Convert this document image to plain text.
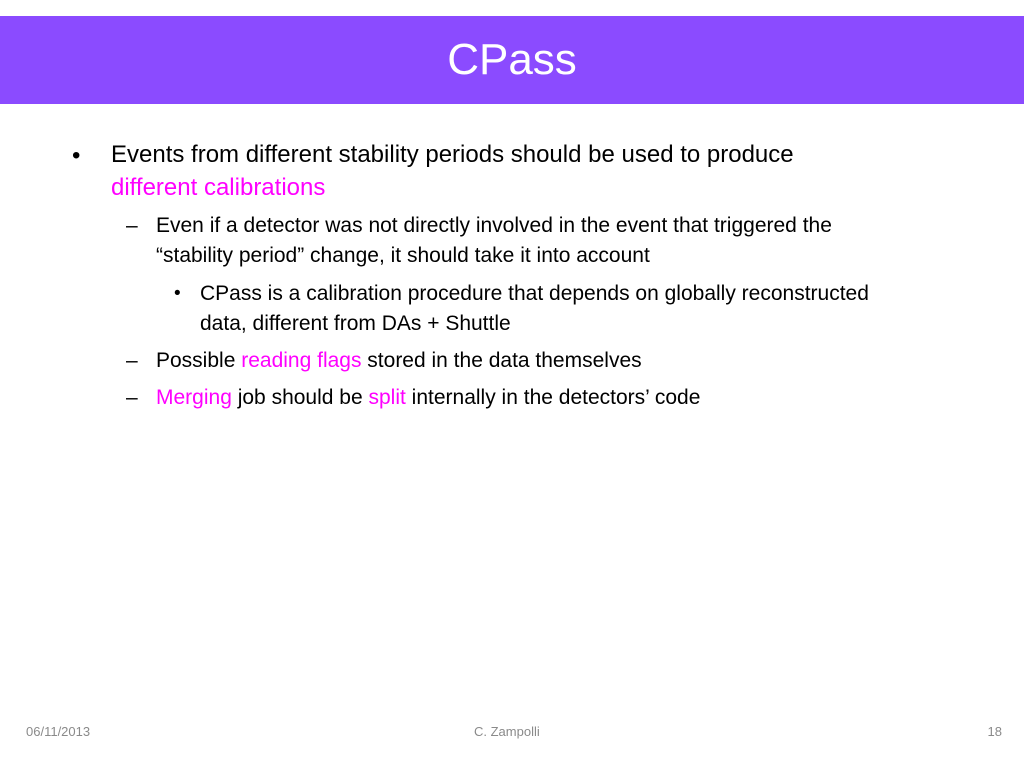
CPass
• Events from different stability periods should be used to produce
different calibrations
– Even if a detector was not directly involved in the event that triggered the
“stability period” change, it should take it into account
• CPass is a calibration procedure that depends on globally reconstructed
data, different from DAs + Shuttle
– Possible reading flags stored in the data themselves
– Merging job should be split internally in the detectors’ code
06/11/2013	C. Zampolli	18
